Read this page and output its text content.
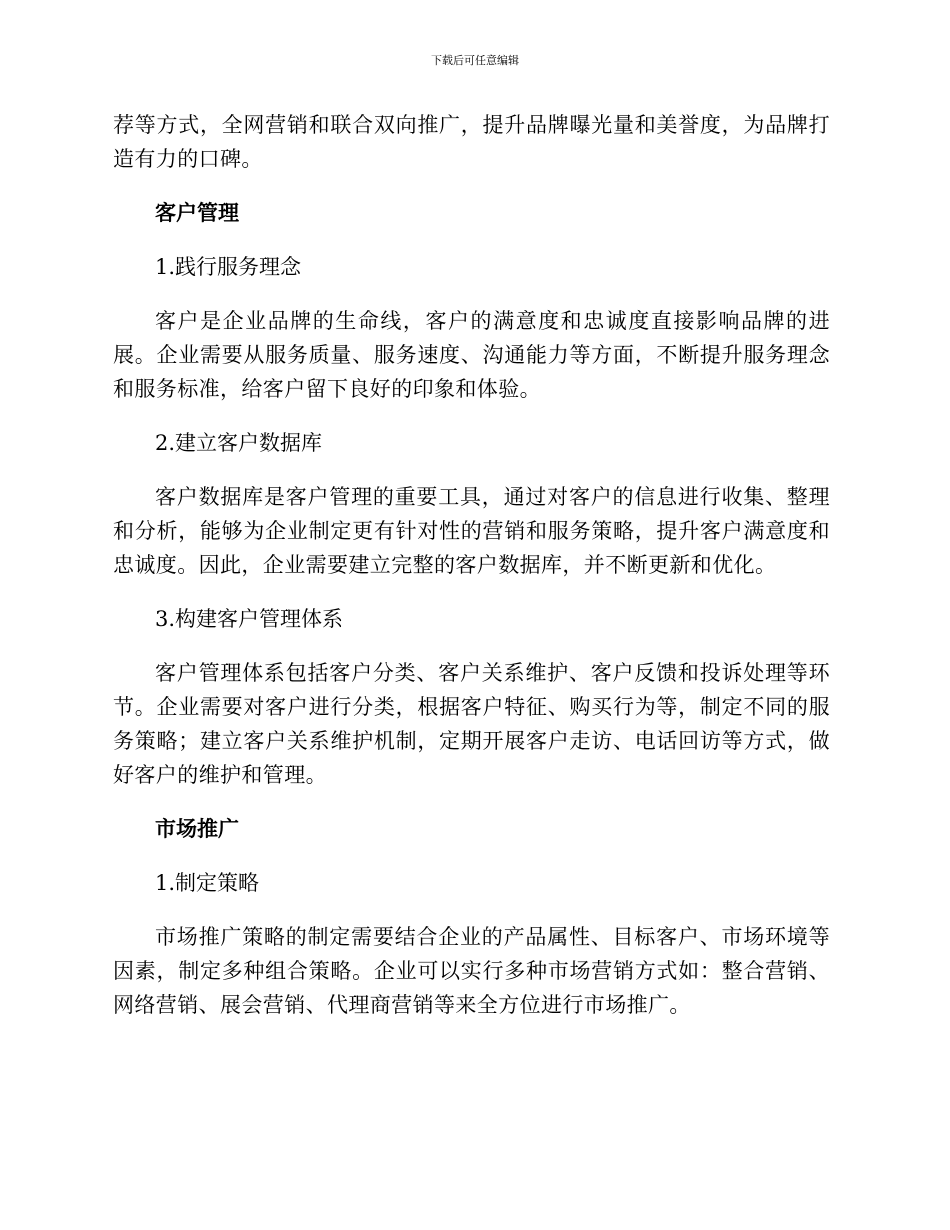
下载后可任意编辑

荐等方式，全网营销和联合双向推广，提升品牌曝光量和美誉度，为品牌打造有力的口碑。

客户管理

1.践行服务理念

客户是企业品牌的生命线，客户的满意度和忠诚度直接影响品牌的进展。企业需要从服务质量、服务速度、沟通能力等方面，不断提升服务理念和服务标准，给客户留下良好的印象和体验。

2.建立客户数据库

客户数据库是客户管理的重要工具，通过对客户的信息进行收集、整理和分析，能够为企业制定更有针对性的营销和服务策略，提升客户满意度和忠诚度。因此，企业需要建立完整的客户数据库，并不断更新和优化。

3.构建客户管理体系

客户管理体系包括客户分类、客户关系维护、客户反馈和投诉处理等环节。企业需要对客户进行分类，根据客户特征、购买行为等，制定不同的服务策略；建立客户关系维护机制，定期开展客户走访、电话回访等方式，做好客户的维护和管理。

市场推广

1.制定策略

市场推广策略的制定需要结合企业的产品属性、目标客户、市场环境等因素，制定多种组合策略。企业可以实行多种市场营销方式如：整合营销、网络营销、展会营销、代理商营销等来全方位进行市场推广。
